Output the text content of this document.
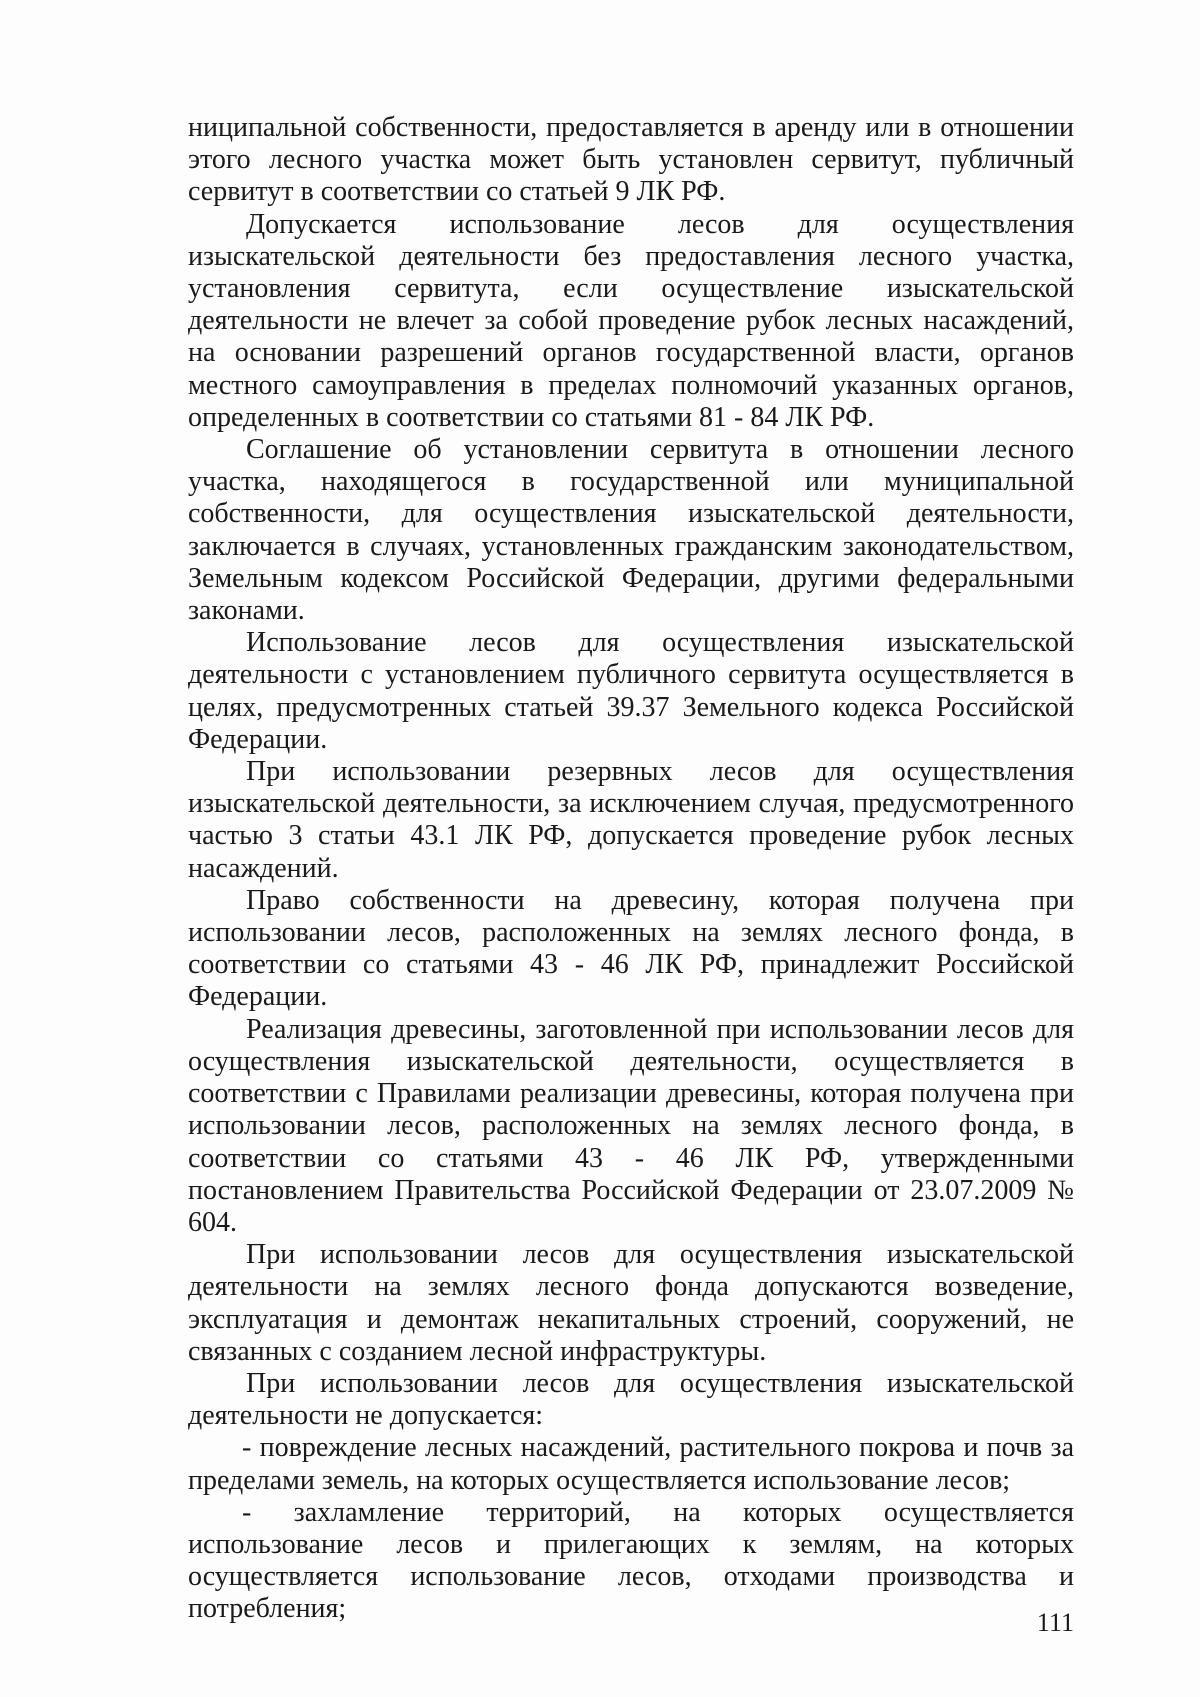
ниципальной собственности, предоставляется в аренду или в отношении этого лесного участка может быть установлен сервитут, публичный сервитут в соответствии со статьей 9 ЛК РФ.

Допускается использование лесов для осуществления изыскательской деятельности без предоставления лесного участка, установления сервитута, если осуществление изыскательской деятельности не влечет за собой проведение рубок лесных насаждений, на основании разрешений органов государственной власти, органов местного самоуправления в пределах полномочий указанных органов, определенных в соответствии со статьями 81 - 84 ЛК РФ.

Соглашение об установлении сервитута в отношении лесного участка, находящегося в государственной или муниципальной собственности, для осуществления изыскательской деятельности, заключается в случаях, установленных гражданским законодательством, Земельным кодексом Российской Федерации, другими федеральными законами.

Использование лесов для осуществления изыскательской деятельности с установлением публичного сервитута осуществляется в целях, предусмотренных статьей 39.37 Земельного кодекса Российской Федерации.

При использовании резервных лесов для осуществления изыскательской деятельности, за исключением случая, предусмотренного частью 3 статьи 43.1 ЛК РФ, допускается проведение рубок лесных насаждений.

Право собственности на древесину, которая получена при использовании лесов, расположенных на землях лесного фонда, в соответствии со статьями 43 - 46 ЛК РФ, принадлежит Российской Федерации.

Реализация древесины, заготовленной при использовании лесов для осуществления изыскательской деятельности, осуществляется в соответствии с Правилами реализации древесины, которая получена при использовании лесов, расположенных на землях лесного фонда, в соответствии со статьями 43 - 46 ЛК РФ, утвержденными постановлением Правительства Российской Федерации от 23.07.2009 № 604.

При использовании лесов для осуществления изыскательской деятельности на землях лесного фонда допускаются возведение, эксплуатация и демонтаж некапитальных строений, сооружений, не связанных с созданием лесной инфраструктуры.

При использовании лесов для осуществления изыскательской деятельности не допускается:

- повреждение лесных насаждений, растительного покрова и почв за пределами земель, на которых осуществляется использование лесов;

- захламление территорий, на которых осуществляется использование лесов и прилегающих к землям, на которых осуществляется использование лесов, отходами производства и потребления;	111
